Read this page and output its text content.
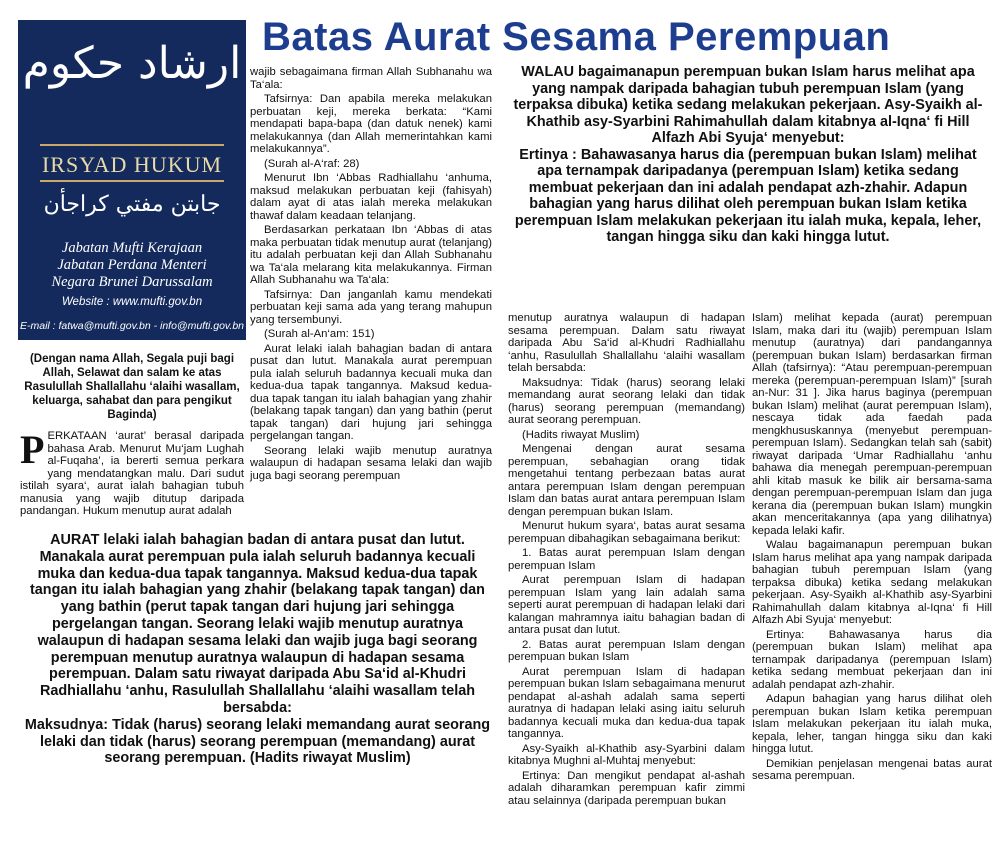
ارشاد حكوم
IRSYAD HUKUM
جابتن مفتي كراجأن
Jabatan Mufti Kerajaan
Jabatan Perdana Menteri
Negara Brunei Darussalam
Website : www.mufti.gov.bn
E-mail : fatwa@mufti.gov.bn - info@mufti.gov.bn
Batas Aurat Sesama Perempuan
(Dengan nama Allah, Segala puji bagi Allah, Selawat dan salam ke atas Rasulullah Shallallahu ‘alaihi wasallam, keluarga, sahabat dan para pengikut Baginda)

PERKATAAN ‘aurat’ berasal daripada bahasa Arab. Menurut Mu‘jam Lughah al-Fuqaha’, ia bererti semua perkara yang mendatangkan malu. Dari sudut istilah syara‘, aurat ialah bahagian tubuh manusia yang wajib ditutup daripada pandangan. Hukum menutup aurat adalah

wajib sebagaimana firman Allah Subhanahu wa Ta‘ala:

Tafsirnya: Dan apabila mereka melakukan perbuatan keji, mereka berkata: “Kami mendapati bapa-bapa (dan datuk nenek) kami melakukannya (dan Allah memerintahkan kami melakukannya”.

(Surah al-A‘raf: 28)

Menurut Ibn ‘Abbas Radhiallahu ‘anhuma, maksud melakukan perbuatan keji (fahisyah) dalam ayat di atas ialah mereka melakukan thawaf dalam keadaan telanjang.

Berdasarkan perkataan Ibn ‘Abbas di atas maka perbuatan tidak menutup aurat (telanjang) itu adalah perbuatan keji dan Allah Subhanahu wa Ta‘ala melarang kita melakukannya. Firman Allah Subhanahu wa Ta‘ala:

Tafsirnya: Dan janganlah kamu mendekati perbuatan keji sama ada yang terang mahupun yang tersembunyi.

(Surah al-An‘am: 151)

Aurat lelaki ialah bahagian badan di antara pusat dan lutut. Manakala aurat perempuan pula ialah seluruh badannya kecuali muka dan kedua-dua tapak tangannya. Maksud kedua-dua tapak tangan itu ialah bahagian yang zhahir (belakang tapak tangan) dan yang bathin (perut tapak tangan) dari hujung jari sehingga pergelangan tangan.

Seorang lelaki wajib menutup auratnya walaupun di hadapan sesama lelaki dan wajib juga bagi seorang perempuan

WALAU bagaimanapun perempuan bukan Islam harus melihat apa yang nampak daripada bahagian tubuh perempuan Islam (yang terpaksa dibuka) ketika sedang melakukan pekerjaan. Asy-Syaikh al-Khathib asy-Syarbini Rahimahullah dalam kitabnya al-Iqna‘ fi Hill Alfazh Abi Syuja‘ menyebut:

Ertinya : Bahawasanya harus dia (perempuan bukan Islam) melihat apa ternampak daripadanya (perempuan Islam) ketika sedang membuat pekerjaan dan ini adalah pendapat azh-zhahir. Adapun bahagian yang harus dilihat oleh perempuan bukan Islam ketika perempuan Islam melakukan pekerjaan itu ialah muka, kepala, leher, tangan hingga siku dan kaki hingga lutut.

AURAT lelaki ialah bahagian badan di antara pusat dan lutut. Manakala aurat perempuan pula ialah seluruh badannya kecuali muka dan kedua-dua tapak tangannya. Maksud kedua-dua tapak tangan itu ialah bahagian yang zhahir (belakang tapak tangan) dan yang bathin (perut tapak tangan dari hujung jari sehingga pergelangan tangan. Seorang lelaki wajib menutup auratnya walaupun di hadapan sesama lelaki dan wajib juga bagi seorang perempuan menutup auratnya walaupun di hadapan sesama perempuan. Dalam satu riwayat daripada Abu Sa‘id al-Khudri Radhiallahu ‘anhu, Rasulullah Shallallahu ‘alaihi wasallam telah bersabda:

Maksudnya: Tidak (harus) seorang lelaki memandang aurat seorang lelaki dan tidak (harus) seorang perempuan (memandang) aurat seorang perempuan. (Hadits riwayat Muslim)

menutup auratnya walaupun di hadapan sesama perempuan. Dalam satu riwayat daripada Abu Sa‘id al-Khudri Radhiallahu ‘anhu, Rasulullah Shallallahu ‘alaihi wasallam telah bersabda:

Maksudnya: Tidak (harus) seorang lelaki memandang aurat seorang lelaki dan tidak (harus) seorang perempuan (memandang) aurat seorang perempuan.

(Hadits riwayat Muslim)

Mengenai dengan aurat sesama perempuan, sebahagian orang tidak mengetahui tentang perbezaan batas aurat antara perempuan Islam dengan perempuan Islam dan batas aurat antara perempuan Islam dengan perempuan bukan Islam.

Menurut hukum syara‘, batas aurat sesama perempuan dibahagikan sebagaimana berikut:

1. Batas aurat perempuan Islam dengan perempuan Islam

Aurat perempuan Islam di hadapan perempuan Islam yang lain adalah sama seperti aurat perempuan di hadapan lelaki dari kalangan mahramnya iaitu bahagian badan di antara pusat dan lutut.

2. Batas aurat perempuan Islam dengan perempuan bukan Islam

Aurat perempuan Islam di hadapan perempuan bukan Islam sebagaimana menurut pendapat al-ashah adalah sama seperti auratnya di hadapan lelaki asing iaitu seluruh badannya kecuali muka dan kedua-dua tapak tangannya.

Asy-Syaikh al-Khathib asy-Syarbini dalam kitabnya Mughni al-Muhtaj menyebut:

Ertinya: Dan mengikut pendapat al-ashah adalah diharamkan perempuan kafir zimmi atau selainnya (daripada perempuan bukan

Islam) melihat kepada (aurat) perempuan Islam, maka dari itu (wajib) perempuan Islam menutup (auratnya) dari pandangannya (perempuan bukan Islam) berdasarkan firman Allah (tafsirnya): “Atau perempuan-perempuan mereka (perempuan-perempuan Islam)” [surah an-Nur: 31 ]. Jika harus baginya (perempuan bukan Islam) melihat (aurat perempuan Islam), nescaya tidak ada faedah pada mengkhususkannya (menyebut perempuan-perempuan Islam). Sedangkan telah sah (sabit) riwayat daripada ‘Umar Radhiallahu ‘anhu bahawa dia menegah perempuan-perempuan ahli kitab masuk ke bilik air bersama-sama dengan perempuan-perempuan Islam dan juga kerana dia (perempuan bukan Islam) mungkin akan menceritakannya (apa yang dilihatnya) kepada lelaki kafir.

Walau bagaimanapun perempuan bukan Islam harus melihat apa yang nampak daripada bahagian tubuh perempuan Islam (yang terpaksa dibuka) ketika sedang melakukan pekerjaan. Asy-Syaikh al-Khathib asy-Syarbini Rahimahullah dalam kitabnya al-Iqna‘ fi Hill Alfazh Abi Syuja‘ menyebut:

Ertinya: Bahawasanya harus dia (perempuan bukan Islam) melihat apa ternampak daripadanya (perempuan Islam) ketika sedang membuat pekerjaan dan ini adalah pendapat azh-zhahir.

Adapun bahagian yang harus dilihat oleh perempuan bukan Islam ketika perempuan Islam melakukan pekerjaan itu ialah muka, kepala, leher, tangan hingga siku dan kaki hingga lutut.

Demikian penjelasan mengenai batas aurat sesama perempuan.
